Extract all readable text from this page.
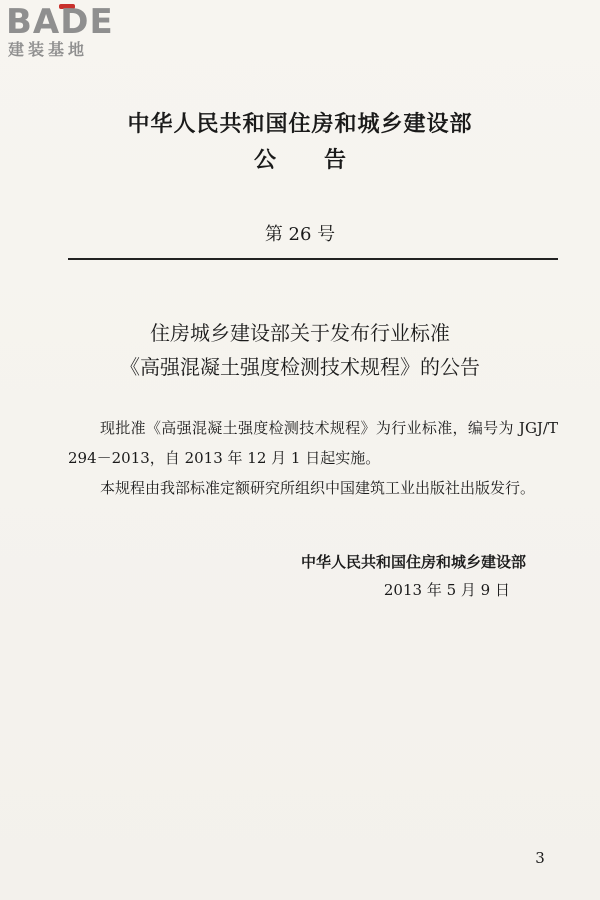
BADE
建装基地
中华人民共和国住房和城乡建设部
公 告
第 26 号
住房城乡建设部关于发布行业标准
《高强混凝土强度检测技术规程》的公告
现批准《高强混凝土强度检测技术规程》为行业标准，编号为 JGJ/T 294－2013，自 2013 年 12 月 1 日起实施。
本规程由我部标准定额研究所组织中国建筑工业出版社出版发行。
中华人民共和国住房和城乡建设部
2013 年 5 月 9 日
3
